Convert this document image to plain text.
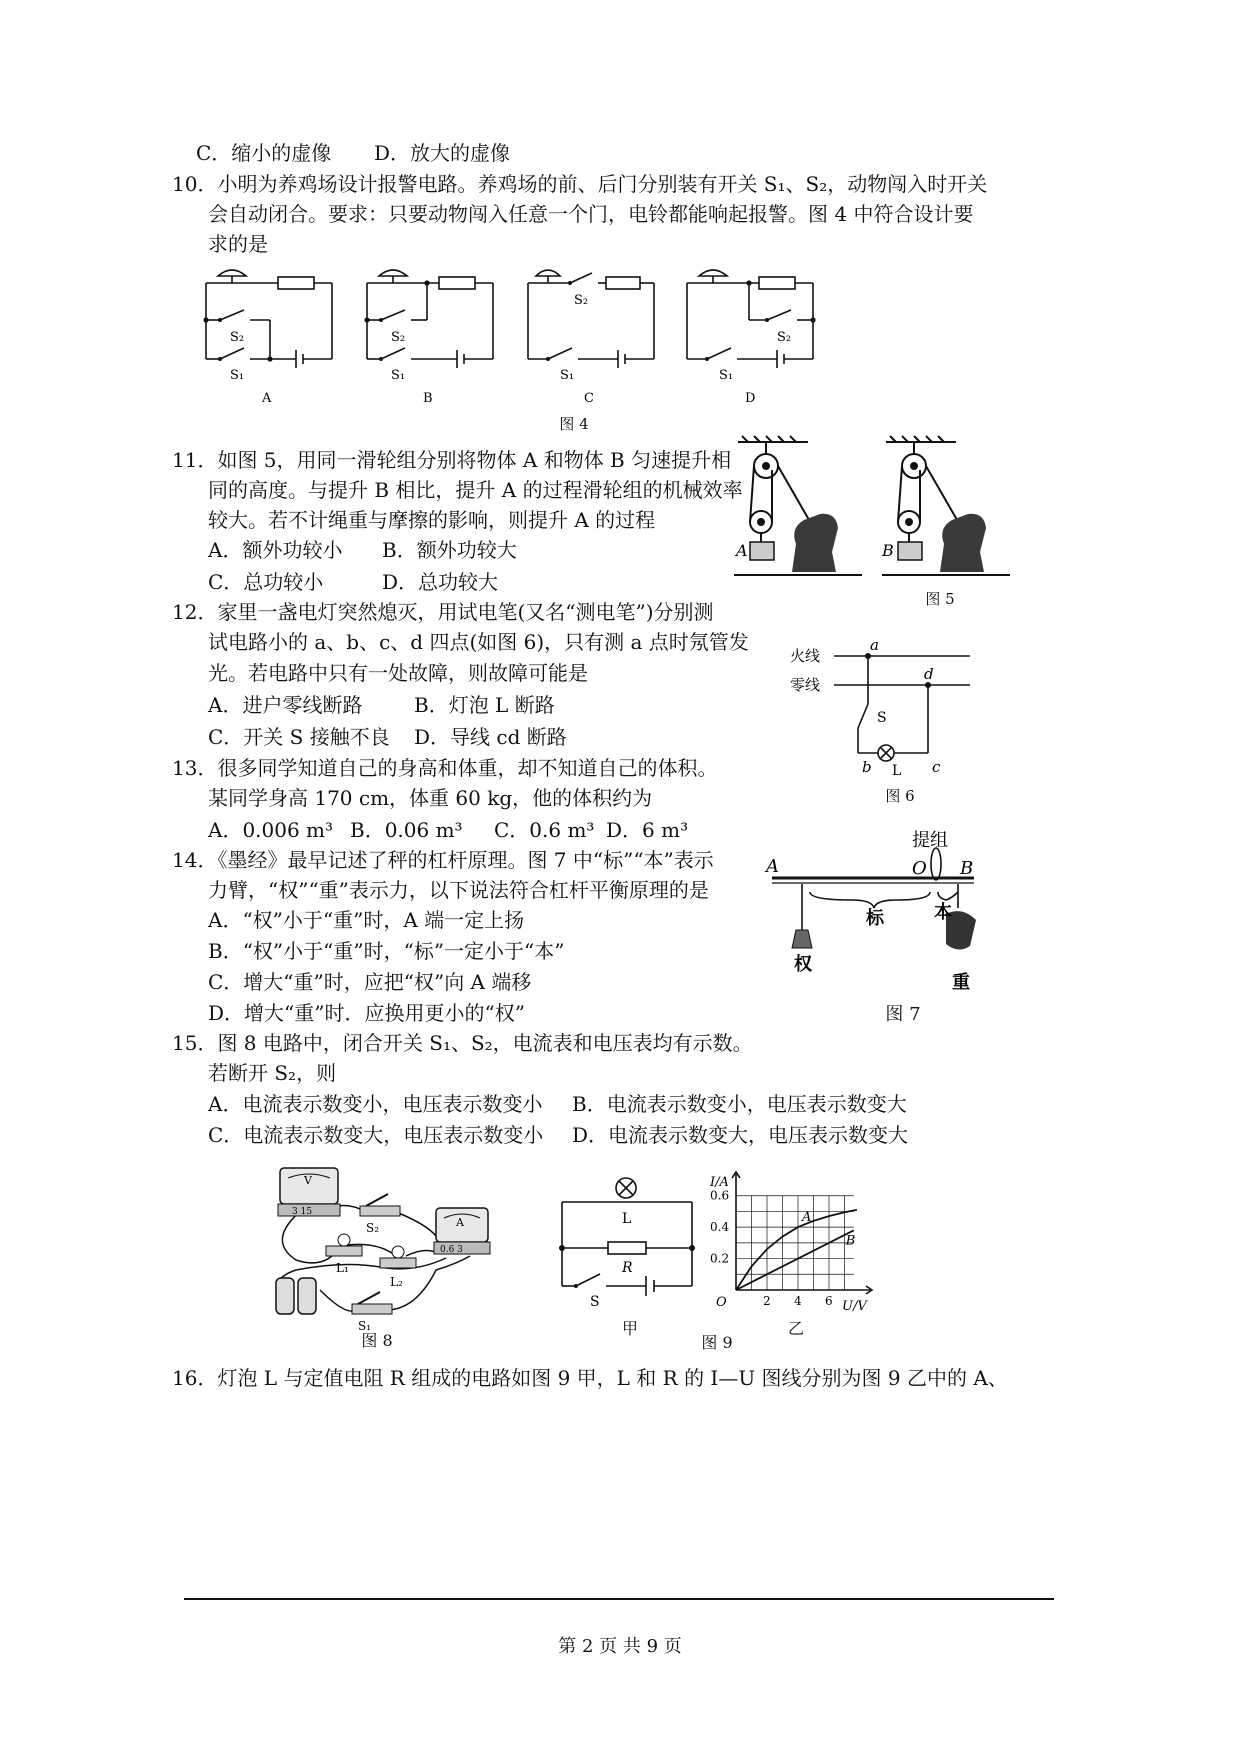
C．缩小的虚像 D．放大的虚像
10．小明为养鸡场设计报警电路。养鸡场的前、后门分别装有开关 S₁、S₂，动物闯入时开关
会自动闭合。要求：只要动物闯入任意一个门，电铃都能响起报警。图 4 中符合设计要
求的是
S₂
S₁
A
S₂
S₁
B
S₂
S₁
C
S₂
S₁
D
图 4
11．如图 5，用同一滑轮组分别将物体 A 和物体 B 匀速提升相
同的高度。与提升 B 相比，提升 A 的过程滑轮组的机械效率
较大。若不计绳重与摩擦的影响，则提升 A 的过程
A．额外功较小 B．额外功较大
C．总功较小	D．总功较大
A	B
图 5
12．家里一盏电灯突然熄灭，用试电笔(又名“测电笔”)分别测
试电路小的 a、b、c、d 四点(如图 6)，只有测 a 点时氖管发
光。若电路中只有一处故障，则故障可能是
A．进户零线断路	B．灯泡 L 断路
C．开关 S 接触不良 D．导线 cd 断路
火线
零线
a
d
S
b L c
图 6
13．很多同学知道自己的身高和体重，却不知道自己的体积。
某同学身高 170 cm，体重 60 kg，他的体积约为
A．0.006 m³ B．0.06 m³ C．0.6 m³ D．6 m³
14．《墨经》最早记述了秤的杠杆原理。图 7 中“标”“本”表示
力臂，“权”“重”表示力，以下说法符合杠杆平衡原理的是
A．“权”小于“重”时，A 端一定上扬
B．“权”小于“重”时，“标”一定小于“本”
C．增大“重”时，应把“权”向 A 端移
D．增大“重”时．应换用更小的“权”
提组
A	O B
标	本
权
重
图 7
15．图 8 电路中，闭合开关 S₁、S₂，电流表和电压表均有示数。
若断开 S₂，则
A．电流表示数变小，电压表示数变小 B．电流表示数变小，电压表示数变大
C．电流表示数变大，电压表示数变小 D．电流表示数变大，电压表示数变大
V
3 15
A
0.6 3
S₂
L₁
L₂
S₁
图 8
L
R
S
甲
2 4 6
0.2
0.4
0.6
A
B
I/A
U/V
O
乙
图 9
16．灯泡 L 与定值电阻 R 组成的电路如图 9 甲，L 和 R 的 I—U 图线分别为图 9 乙中的 A、
第 2 页 共 9 页
